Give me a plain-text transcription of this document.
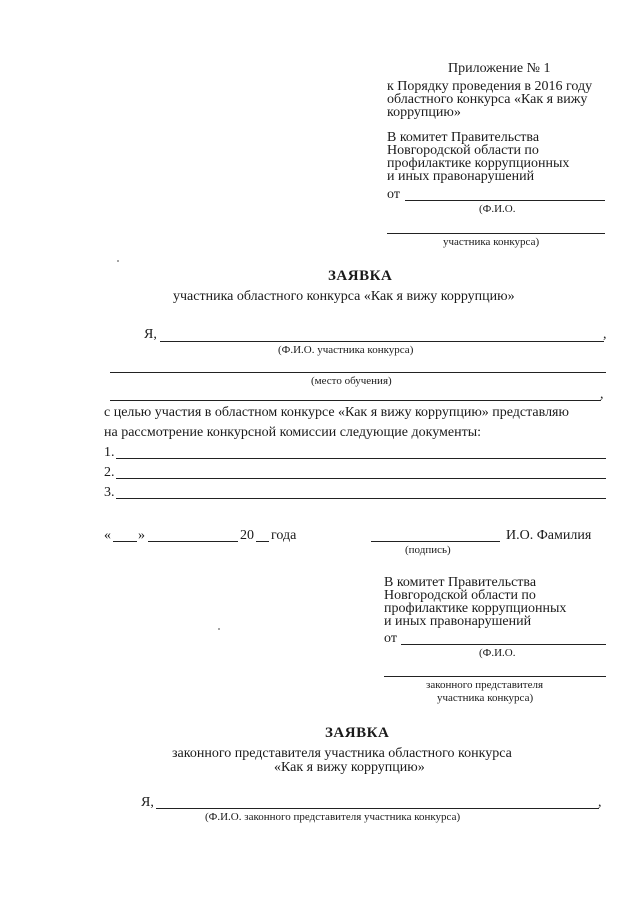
Приложение № 1
к Порядку проведения в 2016 году
областного конкурса «Как я вижу
коррупцию»
В комитет Правительства
Новгородской области по
профилактике коррупционных
и иных правонарушений
от
(Ф.И.О.
участника конкурса)
ЗАЯВКА
участника областного конкурса «Как я вижу коррупцию»
Я,	,
(Ф.И.О. участника конкурса)
(место обучения)
,
с целью участия в областном конкурсе «Как я вижу коррупцию» представляю
на рассмотрение конкурсной комиссии следующие документы:
1.
2.
3.
« »	20 года	И.О. Фамилия
(подпись)
В комитет Правительства
Новгородской области по
профилактике коррупционных
и иных правонарушений
от
(Ф.И.О.
законного представителя
участника конкурса)
ЗАЯВКА
законного представителя участника областного конкурса
«Как я вижу коррупцию»
Я,	,
(Ф.И.О. законного представителя участника конкурса)
